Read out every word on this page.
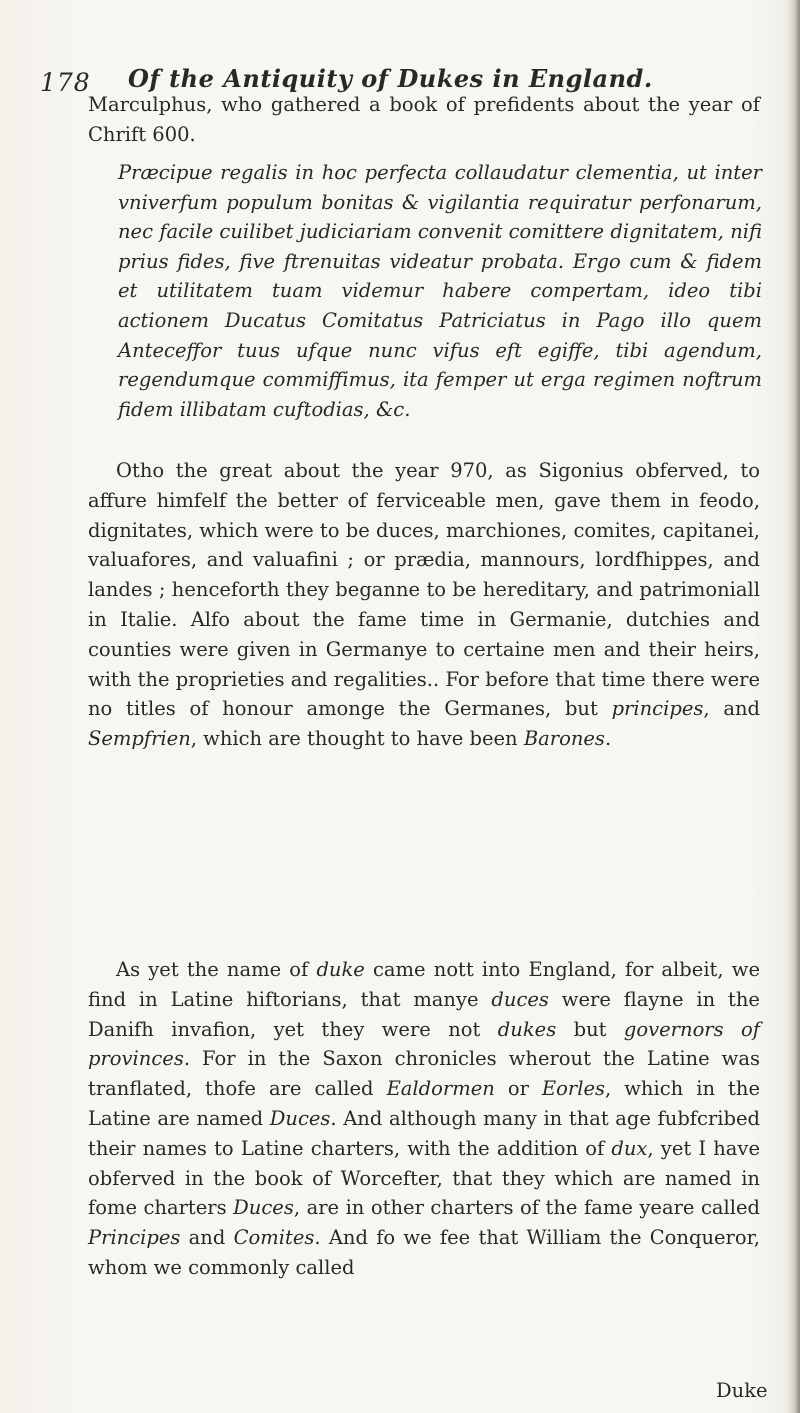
178 Of the Antiquity of Dukes in England.
Marculphus, who gathered a book of prefidents about the year of Chrift 600.
Præcipue regalis in hoc perfecta collaudatur clementia, ut inter vniverfum populum bonitas & vigilantia requiratur perfonarum, nec facile cuilibet judiciariam convenit comittere dignitatem, nifi prius fides, five ftrenuitas videatur probata. Ergo cum & fidem et utilitatem tuam videmur habere compertam, ideo tibi actionem Ducatus Comitatus Patriciatus in Pago illo quem Anteceffor tuus ufque nunc vifus eft egiffe, tibi agendum, regendumque commiffimus, ita femper ut erga regimen noftrum fidem illibatam cuftodias, &c.
Otho the great about the year 970, as Sigonius obferved, to affure himfelf the better of ferviceable men, gave them in feodo, dignitates, which were to be duces, marchiones, comites, capitanei, valuafores, and valuafini ; or prædia, mannours, lordfhippes, and landes ; henceforth they beganne to be hereditary, and patrimoniall in Italie. Alfo about the fame time in Germanie, dutchies and counties were given in Germanye to certaine men and their heirs, with the proprieties and regalities.. For before that time there were no titles of honour amonge the Germanes, but principes, and Sempfrien, which are thought to have been Barones.
As yet the name of duke came nott into England, for albeit, we find in Latine hiftorians, that manye duces were flayne in the Danifh invafion, yet they were not dukes but governors of provinces. For in the Saxon chronicles wherout the Latine was tranflated, thofe are called Ealdormen or Eorles, which in the Latine are named Duces. And although many in that age fubfcribed their names to Latine charters, with the addition of dux, yet I have obferved in the book of Worcefter, that they which are named in fome charters Duces, are in other charters of the fame yeare called Principes and Comites. And fo we fee that William the Conqueror, whom we commonly called
Duke
